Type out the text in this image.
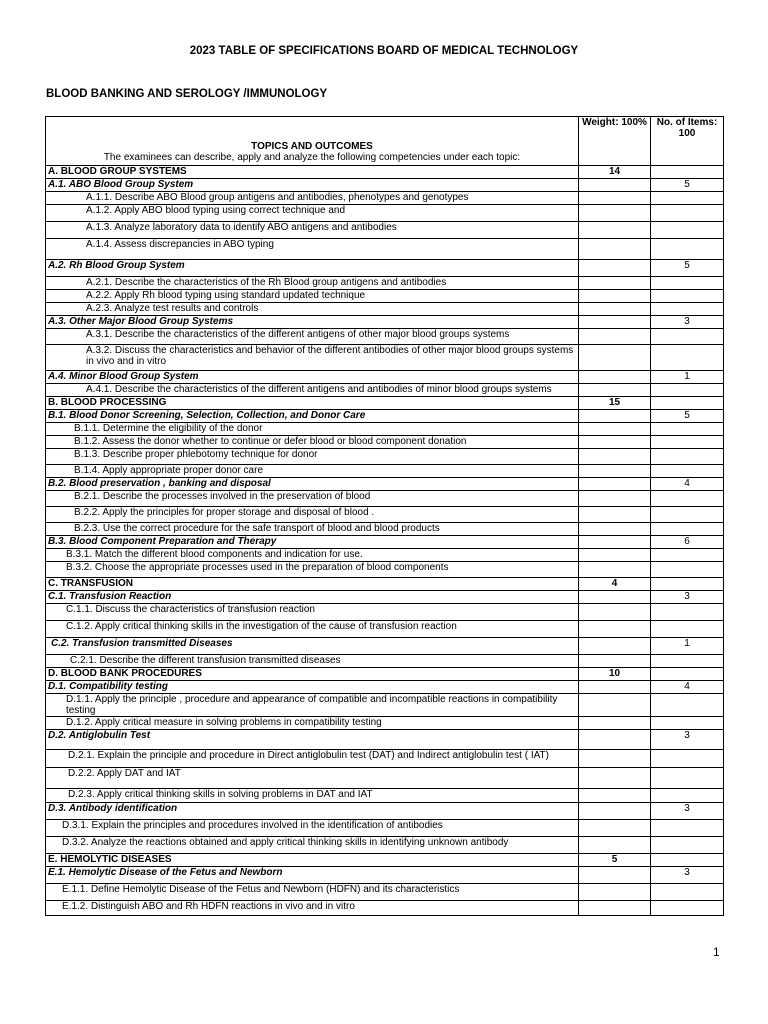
2023 TABLE OF SPECIFICATIONS BOARD OF MEDICAL TECHNOLOGY
BLOOD BANKING AND SEROLOGY /IMMUNOLOGY
TOPICS AND OUTCOMES
The examinees can describe, apply and analyze the following competencies under each topic:	Weight: 100%	No. of Items: 100
A. BLOOD GROUP SYSTEMS	14	
A.1. ABO Blood Group System		5
A.1.1. Describe ABO Blood group antigens and antibodies, phenotypes and genotypes		
A.1.2. Apply ABO blood typing using correct technique and		
A.1.3. Analyze laboratory data to identify ABO antigens and antibodies		
A.1.4. Assess discrepancies in ABO typing		
A.2. Rh Blood Group System		5
A.2.1. Describe the characteristics of the Rh Blood group antigens and antibodies		
A.2.2. Apply Rh blood typing using standard updated technique		
A.2.3. Analyze test results and controls		
A.3. Other Major Blood Group Systems		3
A.3.1. Describe the characteristics of the different antigens of other major blood groups systems		
A.3.2. Discuss the characteristics and behavior of the different antibodies of other major blood groups systems in vivo and in vitro		
A.4. Minor Blood Group System		1
A.4.1. Describe the characteristics of the different antigens and antibodies of minor blood groups systems		
B. BLOOD PROCESSING	15	
B.1. Blood Donor Screening, Selection, Collection, and Donor Care		5
B.1.1. Determine the eligibility of the donor		
B.1.2. Assess the donor whether to continue or defer blood or blood component donation		
B.1.3. Describe proper phlebotomy technique for donor		
B.1.4. Apply appropriate proper donor care		
B.2. Blood preservation , banking and disposal		4
B.2.1. Describe the processes involved in the preservation of blood		
B.2.2. Apply the principles for proper storage and disposal of blood .		
B.2.3. Use the correct procedure for the safe transport of blood and blood products		
B.3. Blood Component Preparation and Therapy		6
B.3.1. Match the different blood components and indication for use.		
B.3.2. Choose the appropriate processes used in the preparation of blood components		
C. TRANSFUSION	4	
C.1. Transfusion Reaction		3
C.1.1. Discuss the characteristics of transfusion reaction		
C.1.2. Apply critical thinking skills in the investigation of the cause of transfusion reaction		
C.2. Transfusion transmitted Diseases		1
C.2.1. Describe the different transfusion transmitted diseases		
D. BLOOD BANK PROCEDURES	10	
D.1. Compatibility testing		4
D.1.1. Apply the principle , procedure and appearance of compatible and incompatible reactions in compatibility testing		
D.1.2. Apply critical measure in solving problems in compatibility testing		
D.2. Antiglobulin Test		3
D.2.1. Explain the principle and procedure in Direct antiglobulin test (DAT) and Indirect antiglobulin test ( IAT)		
D.2.2. Apply DAT and IAT		
D.2.3. Apply critical thinking skills in solving problems in DAT and IAT		
D.3. Antibody identification		3
D.3.1. Explain the principles and procedures involved in the identification of antibodies		
D.3.2. Analyze the reactions obtained and apply critical thinking skills in identifying unknown antibody		
E. HEMOLYTIC DISEASES	5	
E.1. Hemolytic Disease of the Fetus and Newborn		3
E.1.1. Define Hemolytic Disease of the Fetus and Newborn (HDFN) and its characteristics		
E.1.2. Distinguish ABO and Rh HDFN reactions in vivo and in vitro		
1
